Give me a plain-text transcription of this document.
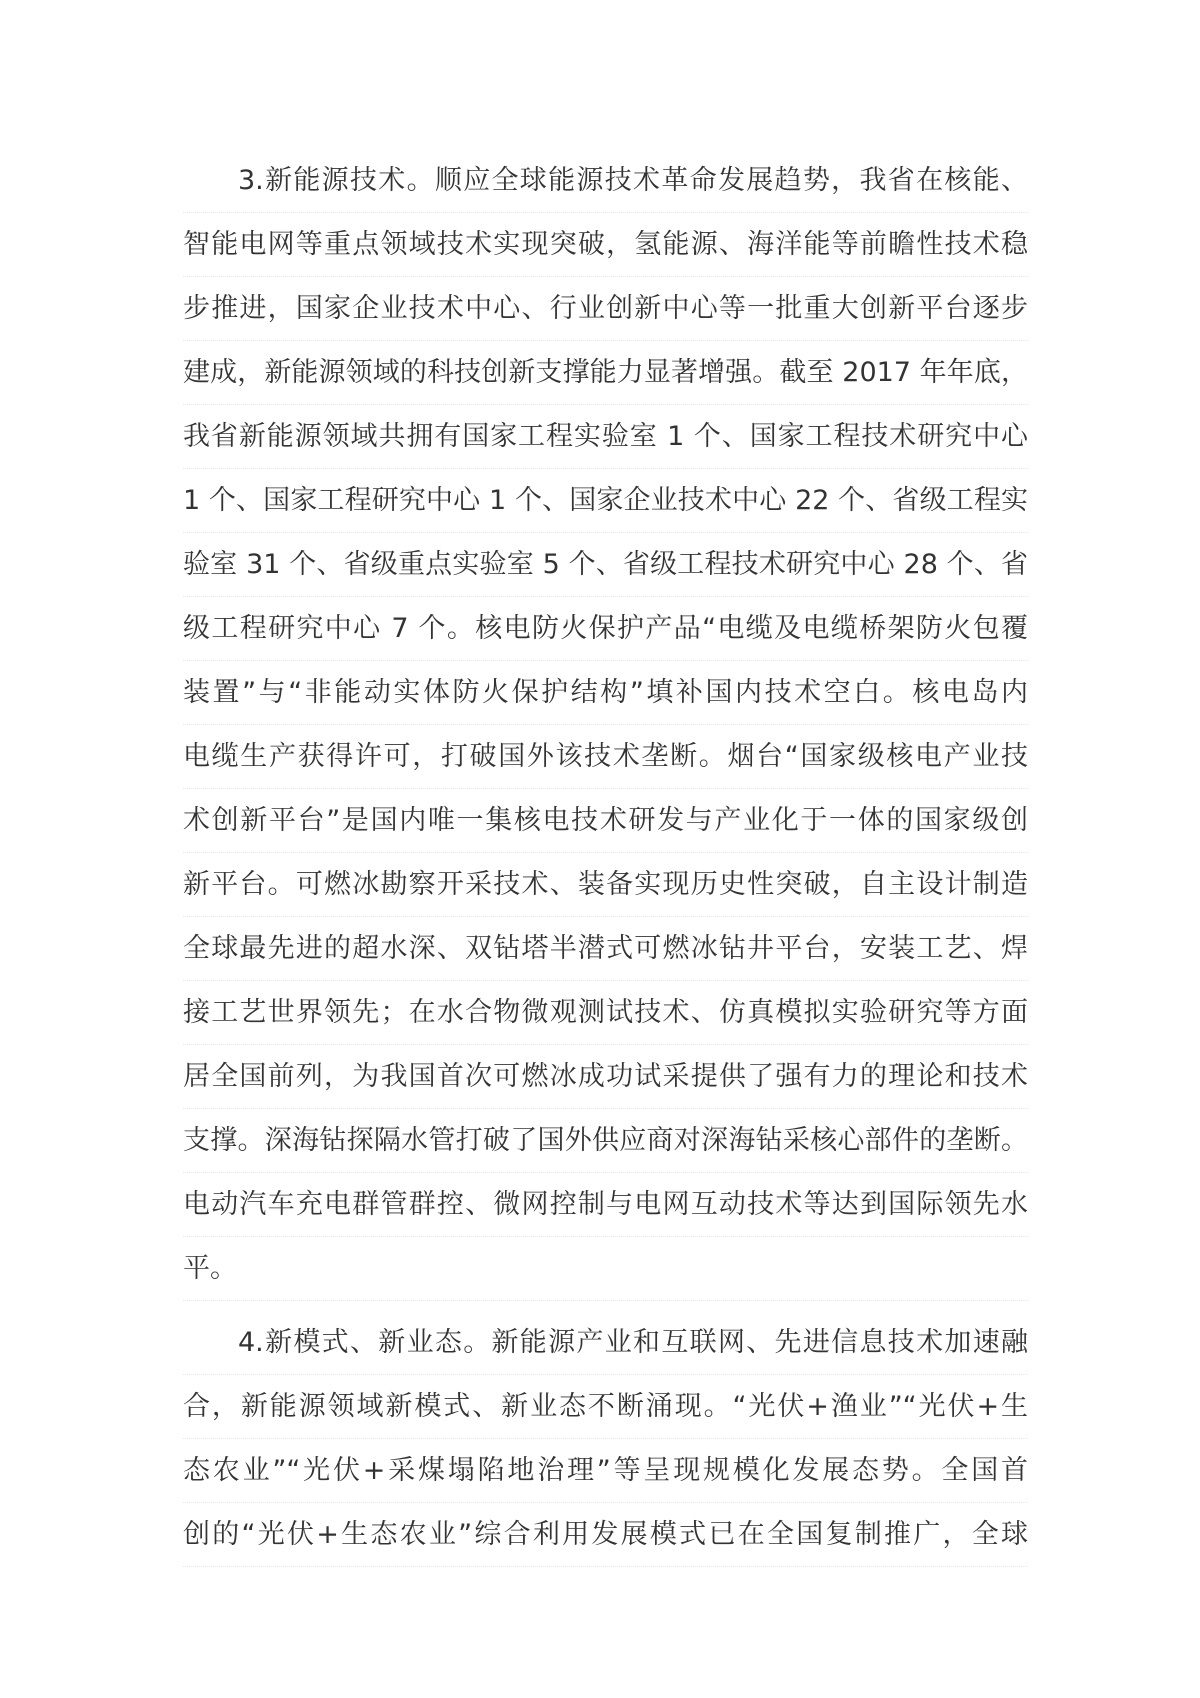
3.新能源技术。顺应全球能源技术革命发展趋势，我省在核能、
智能电网等重点领域技术实现突破，氢能源、海洋能等前瞻性技术稳
步推进，国家企业技术中心、行业创新中心等一批重大创新平台逐步
建成，新能源领域的科技创新支撑能力显著增强。截至 2017 年年底，
我省新能源领域共拥有国家工程实验室 1 个、国家工程技术研究中心
1 个、国家工程研究中心 1 个、国家企业技术中心 22 个、省级工程实
验室 31 个、省级重点实验室 5 个、省级工程技术研究中心 28 个、省
级工程研究中心 7 个。核电防火保护产品“电缆及电缆桥架防火包覆
装置”与“非能动实体防火保护结构”填补国内技术空白。核电岛内
电缆生产获得许可，打破国外该技术垄断。烟台“国家级核电产业技
术创新平台”是国内唯一集核电技术研发与产业化于一体的国家级创
新平台。可燃冰勘察开采技术、装备实现历史性突破，自主设计制造
全球最先进的超水深、双钻塔半潜式可燃冰钻井平台，安装工艺、焊
接工艺世界领先；在水合物微观测试技术、仿真模拟实验研究等方面
居全国前列，为我国首次可燃冰成功试采提供了强有力的理论和技术
支撑。深海钻探隔水管打破了国外供应商对深海钻采核心部件的垄断。
电动汽车充电群管群控、微网控制与电网互动技术等达到国际领先水
平。
4.新模式、新业态。新能源产业和互联网、先进信息技术加速融
合，新能源领域新模式、新业态不断涌现。“光伏+渔业”“光伏+生
态农业”“光伏+采煤塌陷地治理”等呈现规模化发展态势。全国首
创的“光伏+生态农业”综合利用发展模式已在全国复制推广，全球
